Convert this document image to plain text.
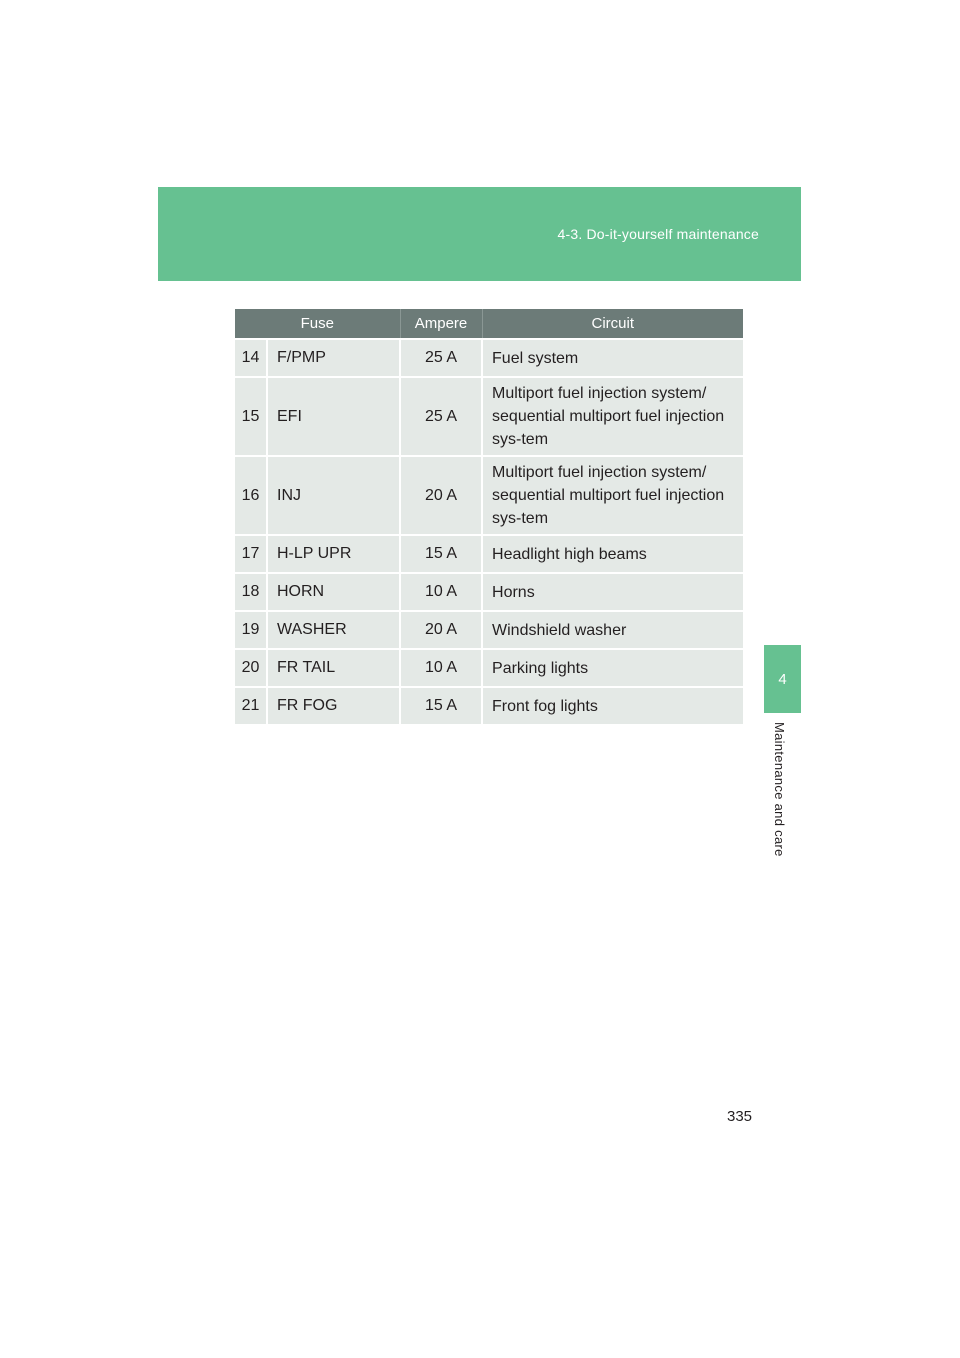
4-3. Do-it-yourself maintenance
4
Maintenance and care
Fuse		Ampere	Circuit
14	F/PMP	25 A	Fuel system
15	EFI	25 A	Multiport fuel injection system/ sequential multiport fuel injection sys-tem
16	INJ	20 A	Multiport fuel injection system/ sequential multiport fuel injection sys-tem
17	H-LP UPR	15 A	Headlight high beams
18	HORN	10 A	Horns
19	WASHER	20 A	Windshield washer
20	FR TAIL	10 A	Parking lights
21	FR FOG	15 A	Front fog lights
335
